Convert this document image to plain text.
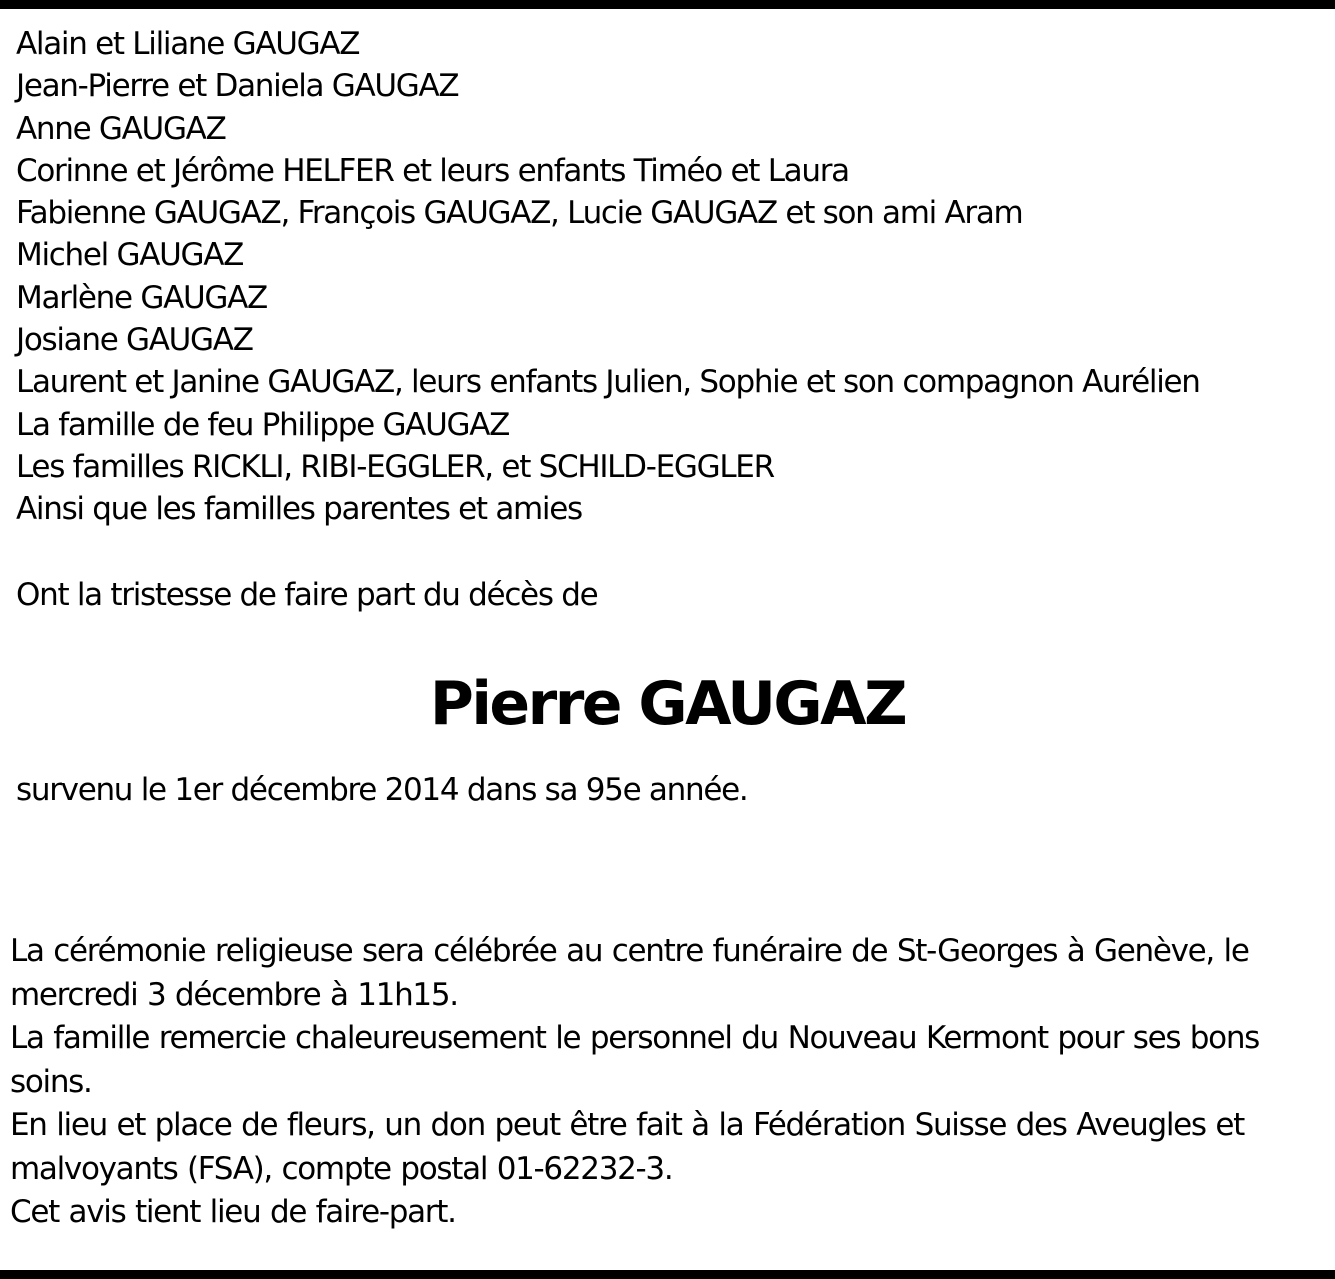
Alain et Liliane GAUGAZ
Jean-Pierre et Daniela GAUGAZ
Anne GAUGAZ
Corinne et Jérôme HELFER et leurs enfants Timéo et Laura
Fabienne GAUGAZ, François GAUGAZ, Lucie GAUGAZ et son ami Aram
Michel GAUGAZ
Marlène GAUGAZ
Josiane GAUGAZ
Laurent et Janine GAUGAZ, leurs enfants Julien, Sophie et son compagnon Aurélien
La famille de feu Philippe GAUGAZ
Les familles RICKLI, RIBI-EGGLER, et SCHILD-EGGLER
Ainsi que les familles parentes et amies
Ont la tristesse de faire part du décès de
Pierre GAUGAZ
survenu le 1er décembre 2014 dans sa 95e année.

La cérémonie religieuse sera célébrée au centre funéraire de St-Georges à Genève, le mercredi 3 décembre à 11h15.

La famille remercie chaleureusement le personnel du Nouveau Kermont pour ses bons soins.

En lieu et place de fleurs, un don peut être fait à la Fédération Suisse des Aveugles et malvoyants (FSA), compte postal 01-62232-3.

Cet avis tient lieu de faire-part.
